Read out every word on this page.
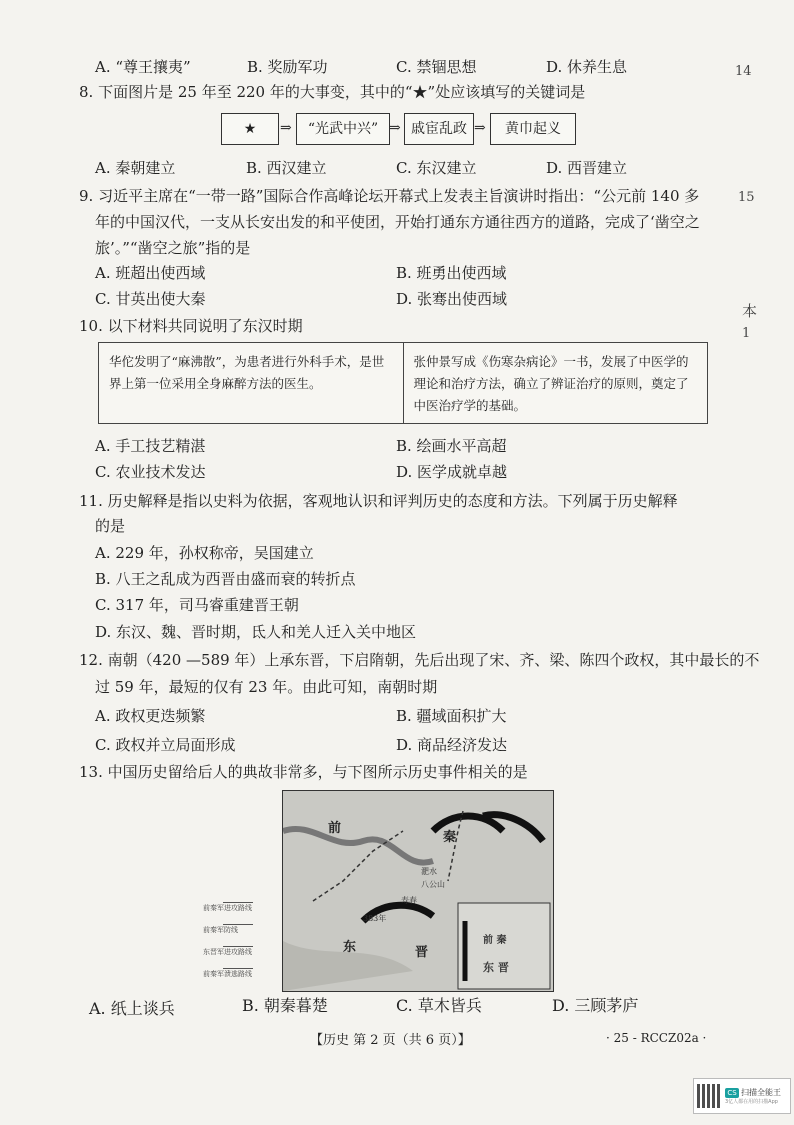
14
15
本
1
A. “尊王攘夷”	B. 奖励军功	C. 禁锢思想	D. 休养生息
8. 下面图片是 25 年至 220 年的大事变，其中的“★”处应该填写的关键词是
★	⇒	“光武中兴” ⇒ 戚宦乱政 ⇒	黄巾起义
A. 秦朝建立	B. 西汉建立	C. 东汉建立	D. 西晋建立
9. 习近平主席在“一带一路”国际合作高峰论坛开幕式上发表主旨演讲时指出：“公元前 140 多
年的中国汉代，一支从长安出发的和平使团，开始打通东方通往西方的道路，完成了‘凿空之
旅’。”“凿空之旅”指的是
A. 班超出使西域	B. 班勇出使西域
C. 甘英出使大秦	D. 张骞出使西域
10. 以下材料共同说明了东汉时期
华佗发明了“麻沸散”，为患者进行外科手术，是世界上第一位采用全身麻醉方法的医生。
张仲景写成《伤寒杂病论》一书，发展了中医学的理论和治疗方法，确立了辨证治疗的原则，奠定了中医治疗学的基础。
A. 手工技艺精湛	B. 绘画水平高超
C. 农业技术发达	D. 医学成就卓越
11. 历史解释是指以史料为依据，客观地认识和评判历史的态度和方法。下列属于历史解释
的是
A. 229 年，孙权称帝，吴国建立
B. 八王之乱成为西晋由盛而衰的转折点
C. 317 年，司马睿重建晋王朝
D. 东汉、魏、晋时期，氐人和羌人迁入关中地区
12. 南朝（420 —589 年）上承东晋，下启隋朝，先后出现了宋、齐、梁、陈四个政权，其中最长的不
过 59 年，最短的仅有 23 年。由此可知，南朝时期
A. 政权更迭频繁	B. 疆域面积扩大
C. 政权并立局面形成	D. 商品经济发达
13. 中国历史留给后人的典故非常多，与下图所示历史事件相关的是
前秦军进攻路线
前秦军防线
东晋军进攻路线
前秦军溃逃路线
前
秦
东	晋
淝水
八公山
寿春
383年
前 秦
东 晋
A. 纸上谈兵	B. 朝秦暮楚	C. 草木皆兵	D. 三顾茅庐
【历史 第 2 页（共 6 页）】	· 25 - RCCZ02a ·
CS 扫描全能王
3亿人都在用的扫描App
